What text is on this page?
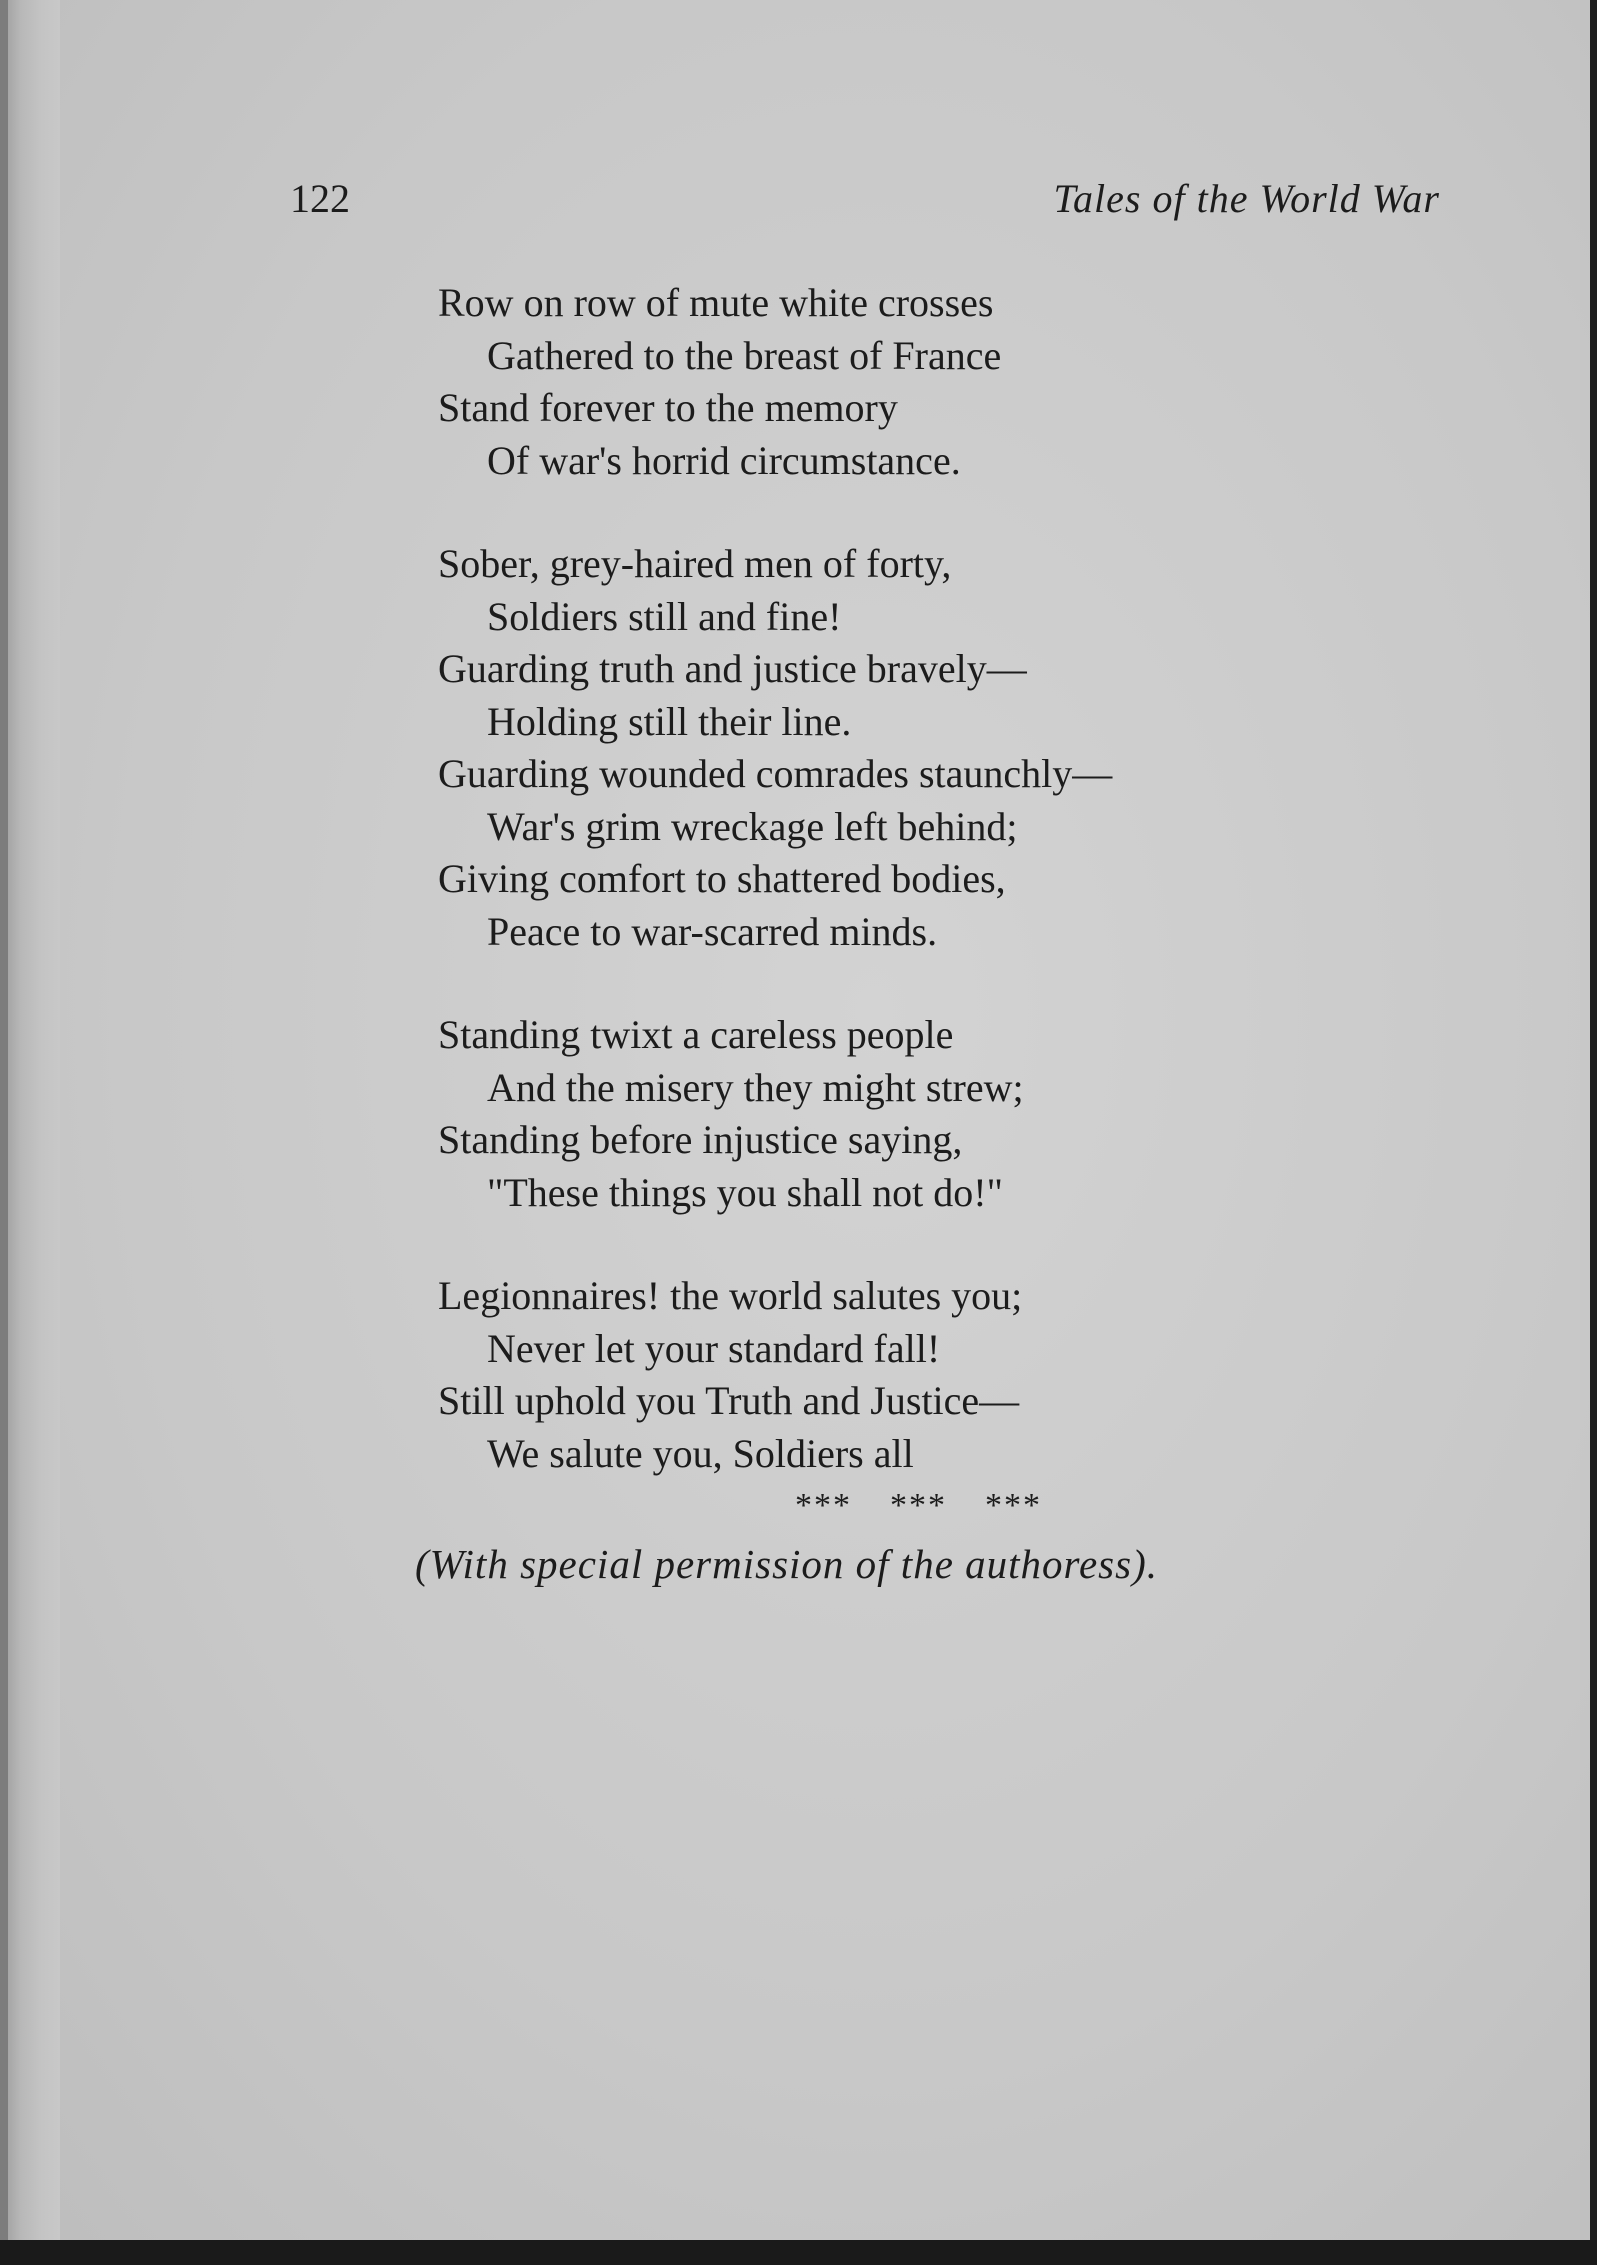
122	Tales of the World War
Row on row of mute white crosses
Gathered to the breast of France
Stand forever to the memory
Of war's horrid circumstance.
Sober, grey-haired men of forty,
Soldiers still and fine!
Guarding truth and justice bravely—
Holding still their line.
Guarding wounded comrades staunchly—
War's grim wreckage left behind;
Giving comfort to shattered bodies,
Peace to war-scarred minds.
Standing twixt a careless people
And the misery they might strew;
Standing before injustice saying,
"These things you shall not do!"
Legionnaires! the world salutes you;
Never let your standard fall!
Still uphold you Truth and Justice—
We salute you, Soldiers all
*** *** ***
(With special permission of the authoress).
